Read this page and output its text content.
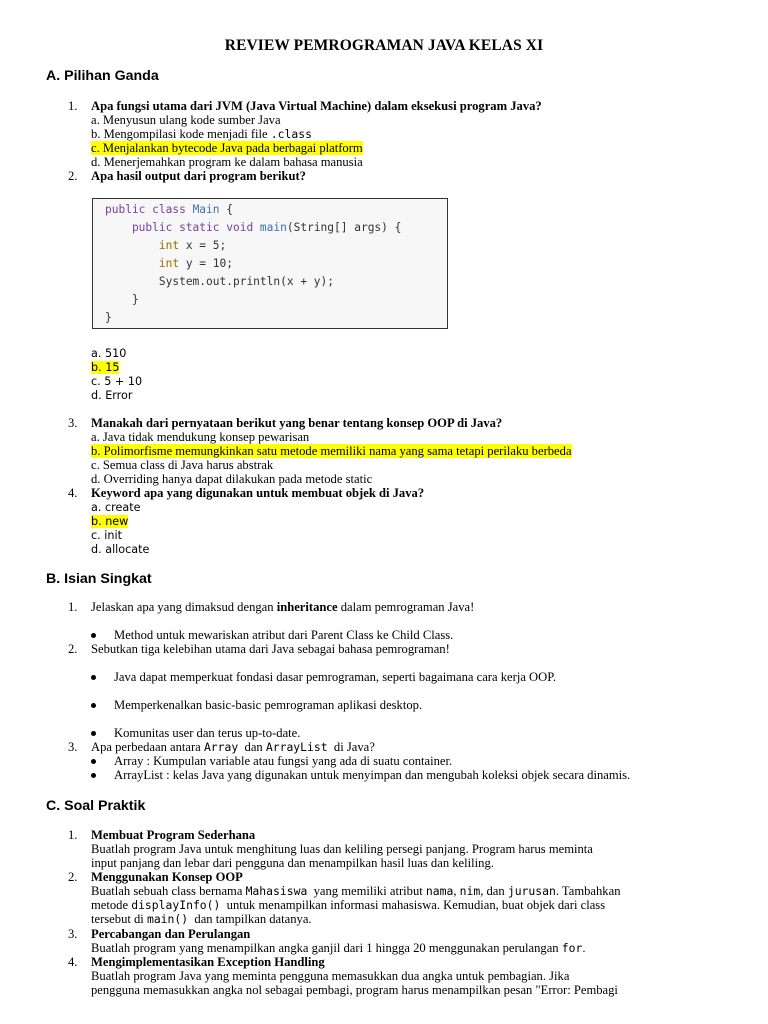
REVIEW PEMROGRAMAN JAVA KELAS XI
A. Pilihan Ganda
1. Apa fungsi utama dari JVM (Java Virtual Machine) dalam eksekusi program Java?
a. Menyusun ulang kode sumber Java
b. Mengompilasi kode menjadi file .class
c. Menjalankan bytecode Java pada berbagai platform
d. Menerjemahkan program ke dalam bahasa manusia
2. Apa hasil output dari program berikut?
public class Main {
public static void main(String[] args) {
int x = 5;
int y = 10;
System.out.println(x + y);
}
}
a. 510
b. 15
c. 5 + 10
d. Error
3. Manakah dari pernyataan berikut yang benar tentang konsep OOP di Java?
a. Java tidak mendukung konsep pewarisan
b. Polimorfisme memungkinkan satu metode memiliki nama yang sama tetapi perilaku berbeda
c. Semua class di Java harus abstrak
d. Overriding hanya dapat dilakukan pada metode static
4. Keyword apa yang digunakan untuk membuat objek di Java?
a. create
b. new
c. init
d. allocate
B. Isian Singkat
1. Jelaskan apa yang dimaksud dengan inheritance dalam pemrograman Java!
Method untuk mewariskan atribut dari Parent Class ke Child Class.
2. Sebutkan tiga kelebihan utama dari Java sebagai bahasa pemrograman!
Java dapat memperkuat fondasi dasar pemrograman, seperti bagaimana cara kerja OOP.
Memperkenalkan basic-basic pemrograman aplikasi desktop.
Komunitas user dan terus up-to-date.
3. Apa perbedaan antara Array  dan ArrayList  di Java?
Array : Kumpulan variable atau fungsi yang ada di suatu container.
ArrayList : kelas Java yang digunakan untuk menyimpan dan mengubah koleksi objek secara dinamis.
C. Soal Praktik
1. Membuat Program Sederhana
Buatlah program Java untuk menghitung luas dan keliling persegi panjang. Program harus meminta
input panjang dan lebar dari pengguna dan menampilkan hasil luas dan keliling.
2. Menggunakan Konsep OOP
Buatlah sebuah class bernama Mahasiswa  yang memiliki atribut nama, nim, dan jurusan. Tambahkan
metode displayInfo()  untuk menampilkan informasi mahasiswa. Kemudian, buat objek dari class
tersebut di main()  dan tampilkan datanya.
3. Percabangan dan Perulangan
Buatlah program yang menampilkan angka ganjil dari 1 hingga 20 menggunakan perulangan for.
4. Mengimplementasikan Exception Handling
Buatlah program Java yang meminta pengguna memasukkan dua angka untuk pembagian. Jika
pengguna memasukkan angka nol sebagai pembagi, program harus menampilkan pesan "Error: Pembagi
